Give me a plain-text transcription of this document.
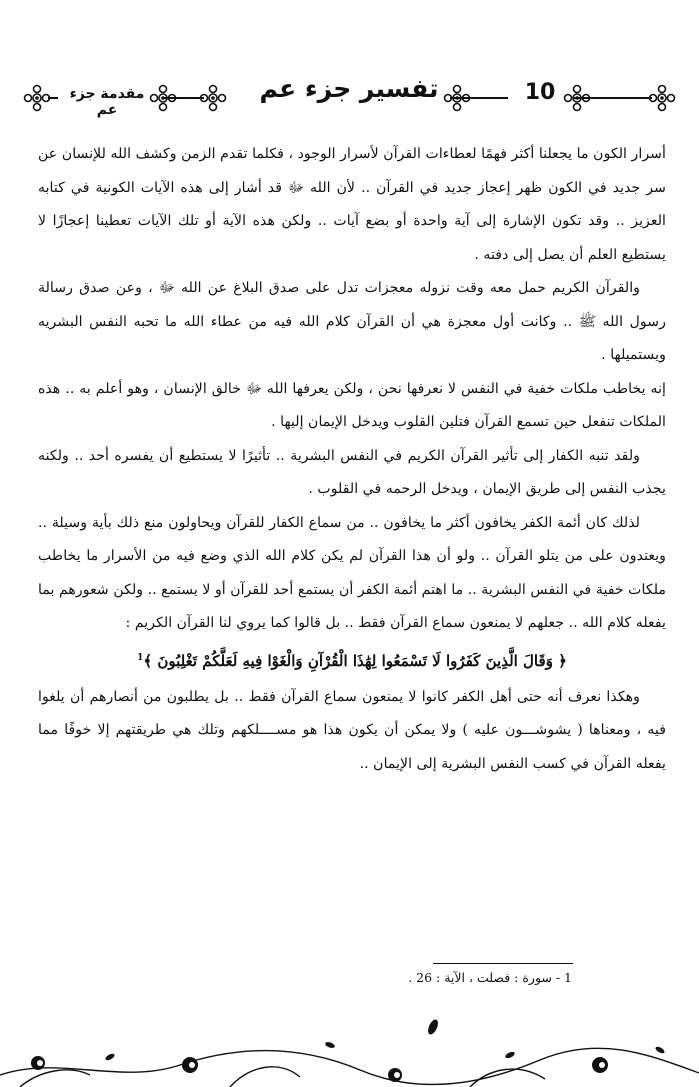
10
تفسير جزء عم
مقدمة جزء عم

أسرار الكون ما يجعلنا أكثر فهمًا لعطاءات القرآن لأسرار الوجود ، فكلما تقدم الزمن وكشف الله للإنسان عن سر جديد في الكون ظهر إعجاز جديد في القرآن .. لأن الله ﷻ قد أشار إلى هذه الآيات الكونية في كتابه العزيز .. وقد تكون الإشارة إلى آية واحدة أو بضع آيات .. ولكن هذه الآية أو تلك الآيات تعطينا إعجازًا لا يستطيع العلم أن يصل إلى دفته .

والقرآن الكريم حمل معه وقت نزوله معجزات تدل على صدق البلاغ عن الله ﷻ ، وعن صدق رسالة رسول الله ﷺ .. وكانت أول معجزة هي أن القرآن كلام الله فيه من عطاء الله ما تحبه النفس البشريه ويستميلها .

إنه يخاطب ملكات خفية في النفس لا نعرفها نحن ، ولكن يعرفها الله ﷻ خالق الإنسان ، وهو أعلم به .. هذه الملكات تنفعل حين تسمع القرآن فتلين القلوب ويدخل الإيمان إليها .

ولقد تنبه الكفار إلى تأثير القرآن الكريم في النفس البشرية .. تأثيرًا لا يستطيع أن يفسره أحد .. ولكنه يجذب النفس إلى طريق الإيمان ، ويدخل الرحمه في القلوب .

لذلك كان أئمة الكفر يخافون أكثر ما يخافون .. من سماع الكفار للقرآن ويحاولون منع ذلك بأية وسيلة .. ويعتدون على من يتلو القرآن .. ولو أن هذا القرآن لم يكن كلام الله الذي وضع فيه من الأسرار ما يخاطب ملكات خفية في النفس البشرية .. ما اهتم أئمة الكفر أن يستمع أحد للقرآن أو لا يستمع .. ولكن شعورهم بما يفعله كلام الله .. جعلهم لا يمنعون سماع القرآن فقط .. بل قالوا كما يروي لنا القرآن الكريم :

﴿ وَقَالَ الَّذِينَ كَفَرُوا لَا تَسْمَعُوا لِهَٰذَا الْقُرْآنِ وَالْغَوْا فِيهِ لَعَلَّكُمْ تَغْلِبُونَ ﴾$^1$

وهكذا نعرف أنه حتى أهل الكفر كانوا لا يمنعون سماع القرآن فقط .. بل يطلبون من أنصارهم أن يلغوا فيه ، ومعناها ( يشوشـــون عليه ) ولا يمكن أن يكون هذا هو مســــلكهم وتلك هي طريقتهم إلا خوفًا مما يفعله القرآن في كسب النفس البشرية إلى الإيمان ..

1 - سورة : فصلت ، الآية : 26 .
